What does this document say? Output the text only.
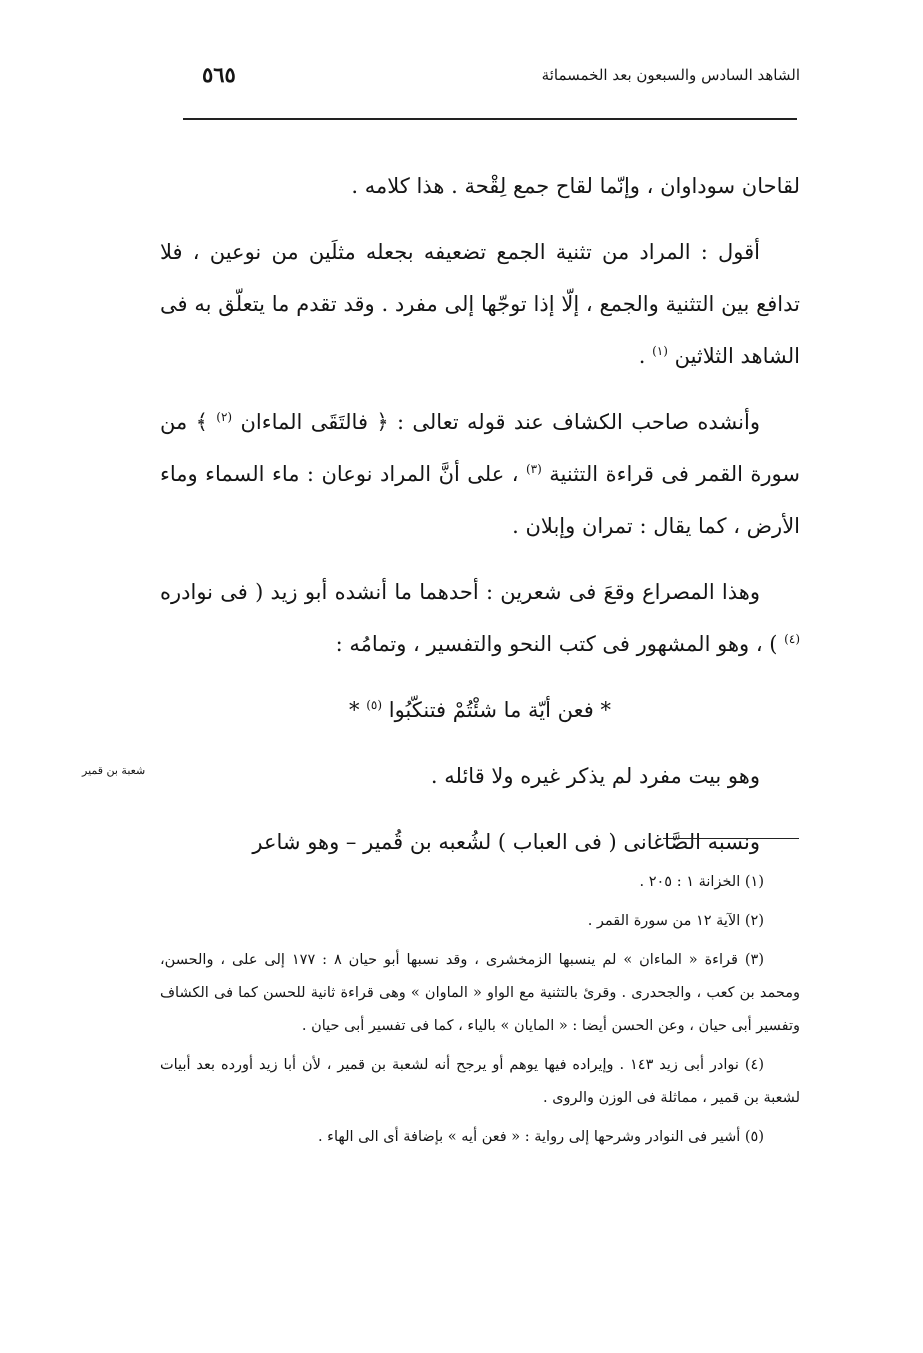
الشاهد السادس والسبعون بعد الخمسمائة
٥٦٥

لقاحان سوداوان ، وإنّما لقاح جمع لِقْحة . هذا كلامه .

أقول : المراد من تثنية الجمع تضعيفه بجعله مثلَين من نوعين ، فلا تدافع بين التثنية والجمع ، إلّا إذا توجّها إلى مفرد . وقد تقدم ما يتعلّق به فى الشاهد الثلاثين $^{(١)}$ .

وأنشده صاحب الكشاف عند قوله تعالى : ﴿ فالتَقَى الماءان $^{(٢)}$ ﴾ من سورة القمر فى قراءة التثنية $^{(٣)}$ ، على أنَّ المراد نوعان : ماء السماء وماء الأرض ، كما يقال : تمران وإبلان .

وهذا المصراع وقعَ فى شعرين : أحدهما ما أنشده أبو زيد ( فى نوادره $^{(٤)}$ ) ، وهو المشهور فى كتب النحو والتفسير ، وتمامُه :

* فعن أيّة ما شئْتُمْ فتنكّبُوا $^{(٥)}$ *

وهو بيت مفرد لم يذكر غيره ولا قائله .

ونسبه الصَّاغانى ( فى العباب ) لشُعبه بن قُمير – وهو شاعر

شعبة بن قمير

(١) الخزانة ١ : ٢٠٥ .

(٢) الآية ١٢ من سورة القمر .

(٣) قراءة « الماءان » لم ينسبها الزمخشرى ، وقد نسبها أبو حيان ٨ : ١٧٧ إلى على ، والحسن، ومحمد بن كعب ، والجحدرى . وقرئ بالتثنية مع الواو « الماوان » وهى قراءة ثانية للحسن كما فى الكشاف وتفسير أبى حيان ، وعن الحسن أيضا : « المايان » بالياء ، كما فى تفسير أبى حيان .

(٤) نوادر أبى زيد ١٤٣ . وإيراده فيها يوهم أو يرجح أنه لشعبة بن قمير ، لأن أبا زيد أورده بعد أبيات لشعبة بن قمير ، مماثلة فى الوزن والروى .

(٥) أشير فى النوادر وشرحها إلى رواية : « فعن أيه » بإضافة أى الى الهاء .
